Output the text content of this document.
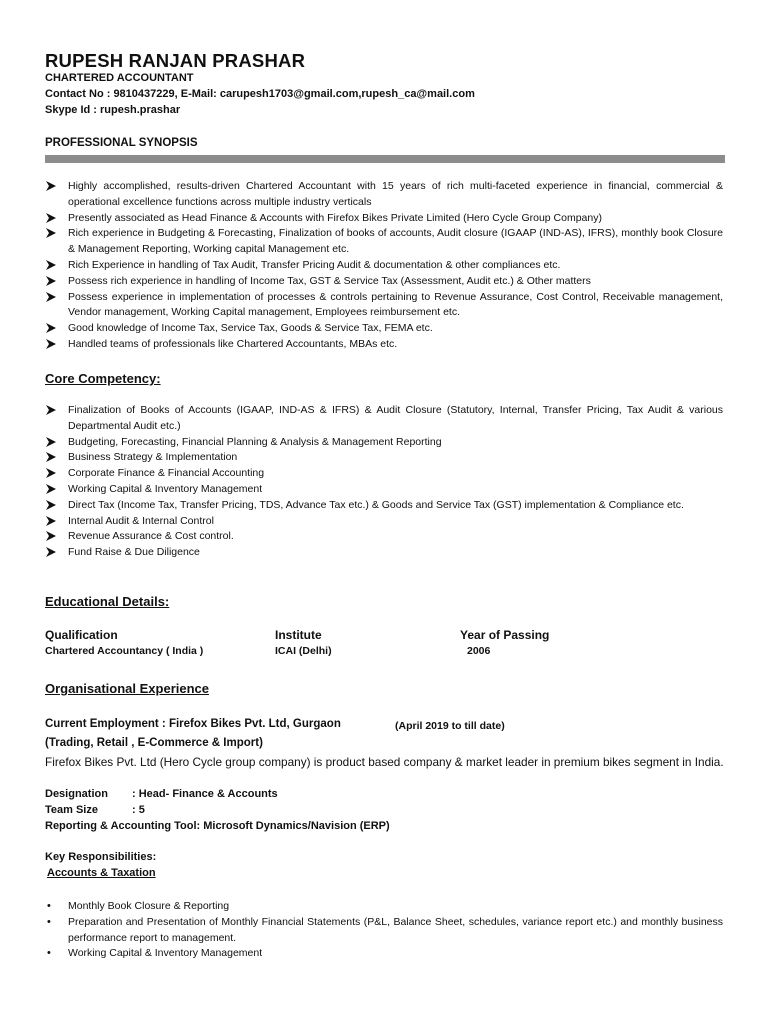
RUPESH RANJAN PRASHAR
CHARTERED ACCOUNTANT
Contact No : 9810437229, E-Mail: carupesh1703@gmail.com,rupesh_ca@mail.com
Skype Id : rupesh.prashar
PROFESSIONAL SYNOPSIS
Highly accomplished, results-driven Chartered Accountant with 15 years of rich multi-faceted experience in financial, commercial & operational excellence functions across multiple industry verticals
Presently associated as Head Finance & Accounts with Firefox Bikes Private Limited (Hero Cycle Group Company)
Rich experience in Budgeting & Forecasting, Finalization of books of accounts, Audit closure (IGAAP (IND-AS), IFRS), monthly book Closure & Management Reporting, Working capital Management etc.
Rich Experience in handling of Tax Audit, Transfer Pricing Audit & documentation & other compliances etc.
Possess rich experience in handling of Income Tax, GST & Service Tax (Assessment, Audit etc.) & Other matters
Possess experience in implementation of processes & controls pertaining to Revenue Assurance, Cost Control, Receivable management, Vendor management, Working Capital management, Employees reimbursement etc.
Good knowledge of Income Tax, Service Tax, Goods & Service Tax, FEMA etc.
Handled teams of professionals like Chartered Accountants, MBAs etc.
Core Competency:
Finalization of Books of Accounts (IGAAP, IND-AS & IFRS) & Audit Closure (Statutory, Internal, Transfer Pricing, Tax Audit & various Departmental Audit etc.)
Budgeting, Forecasting, Financial Planning & Analysis & Management Reporting
Business Strategy & Implementation
Corporate Finance & Financial Accounting
Working Capital & Inventory Management
Direct Tax (Income Tax, Transfer Pricing, TDS, Advance Tax etc.) & Goods and Service Tax (GST) implementation & Compliance etc.
Internal Audit & Internal Control
Revenue Assurance & Cost control.
Fund Raise & Due Diligence
Educational Details:
Qualification	Institute	Year of Passing
Chartered Accountancy ( India )	ICAI (Delhi)	2006
Organisational Experience
Current Employment : Firefox Bikes Pvt. Ltd, Gurgaon	(April 2019 to till date)
(Trading, Retail , E-Commerce & Import)
Firefox Bikes Pvt. Ltd (Hero Cycle group company) is product based company & market leader in premium bikes segment in India.
Designation : Head- Finance & Accounts
Team Size	: 5
Reporting & Accounting Tool: Microsoft Dynamics/Navision (ERP)
Key Responsibilities:
Accounts & Taxation
• Monthly Book Closure & Reporting
• Preparation and Presentation of Monthly Financial Statements (P&L, Balance Sheet, schedules, variance report etc.) and monthly business performance report to management.
• Working Capital & Inventory Management
